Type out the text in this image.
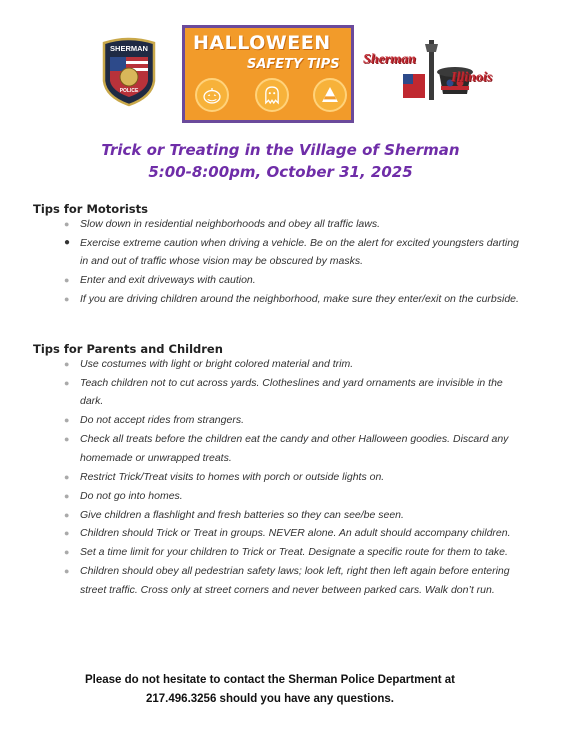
SHERMAN
POLICE
HALLOWEEN
SAFETY TIPS Sherman
Illinois
Trick or Treating in the Village of Sherman
5:00-8:00pm, October 31, 2025
Tips for Motorists
● Slow down in residential neighborhoods and obey all traffic laws.
● Exercise extreme caution when driving a vehicle. Be on the alert for excited youngsters darting in and out of traffic whose vision may be obscured by masks.
● Enter and exit driveways with caution.
● If you are driving children around the neighborhood, make sure they enter/exit on the curbside.
Tips for Parents and Children
● Use costumes with light or bright colored material and trim.
● Teach children not to cut across yards. Clotheslines and yard ornaments are invisible in the dark.
● Do not accept rides from strangers.
● Check all treats before the children eat the candy and other Halloween goodies. Discard any homemade or unwrapped treats.
● Restrict Trick/Treat visits to homes with porch or outside lights on.
● Do not go into homes.
● Give children a flashlight and fresh batteries so they can see/be seen.
● Children should Trick or Treat in groups. NEVER alone. An adult should accompany children.
● Set a time limit for your children to Trick or Treat. Designate a specific route for them to take.
● Children should obey all pedestrian safety laws; look left, right then left again before entering street traffic. Cross only at street corners and never between parked cars. Walk don’t run.
Please do not hesitate to contact the Sherman Police Department at
217.496.3256 should you have any questions.
